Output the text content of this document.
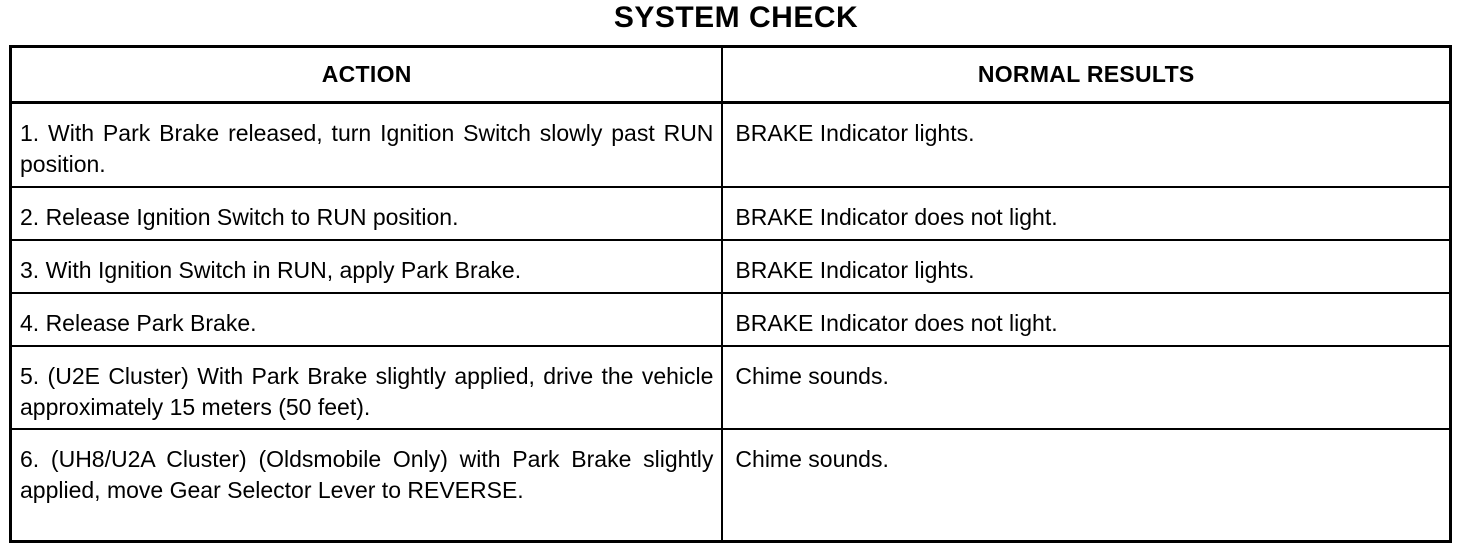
SYSTEM CHECK
ACTION	NORMAL RESULTS
1. With Park Brake released, turn Ignition Switch slowly past RUN position.	BRAKE Indicator lights.
2. Release Ignition Switch to RUN position.	BRAKE Indicator does not light.
3. With Ignition Switch in RUN, apply Park Brake.	BRAKE Indicator lights.
4. Release Park Brake.	BRAKE Indicator does not light.
5. (U2E Cluster) With Park Brake slightly applied, drive the vehicle approximately 15 meters (50 feet).	Chime sounds.
6. (UH8/U2A Cluster) (Oldsmobile Only) with Park Brake slightly applied, move Gear Selector Lever to REVERSE.	Chime sounds.
